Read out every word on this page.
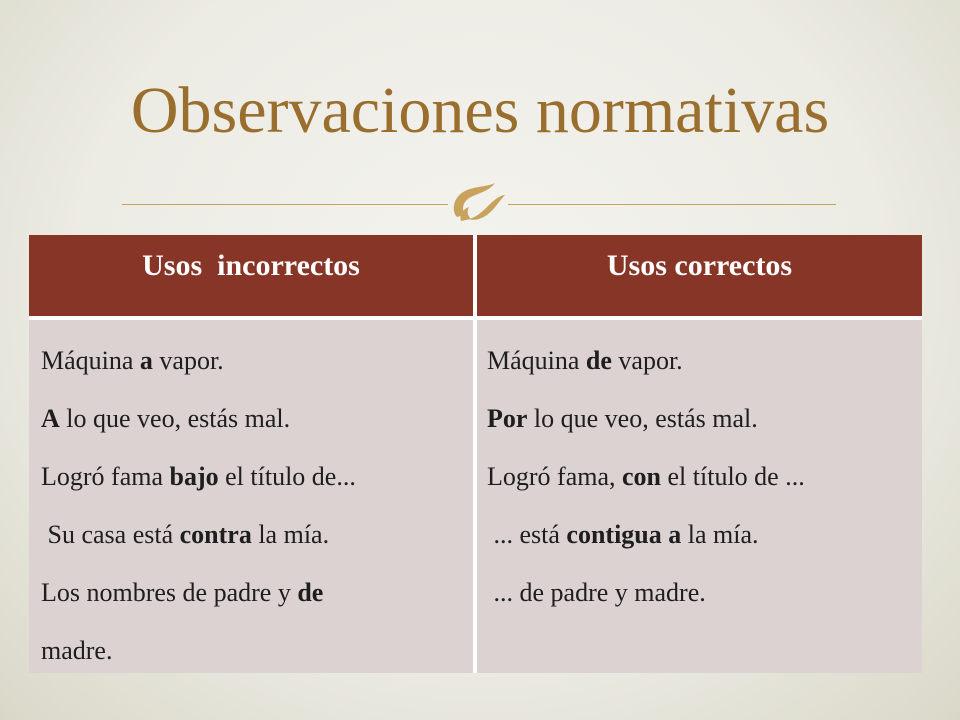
Observaciones normativas
Usos  incorrectos	Usos correctos
Máquina a vapor.
A lo que veo, estás mal.
Logró fama bajo el título de...
Su casa está contra la mía.
Los nombres de padre y de
madre.
Máquina de vapor.
Por lo que veo, estás mal.
Logró fama, con el título de ...
... está contigua a la mía.
... de padre y madre.
